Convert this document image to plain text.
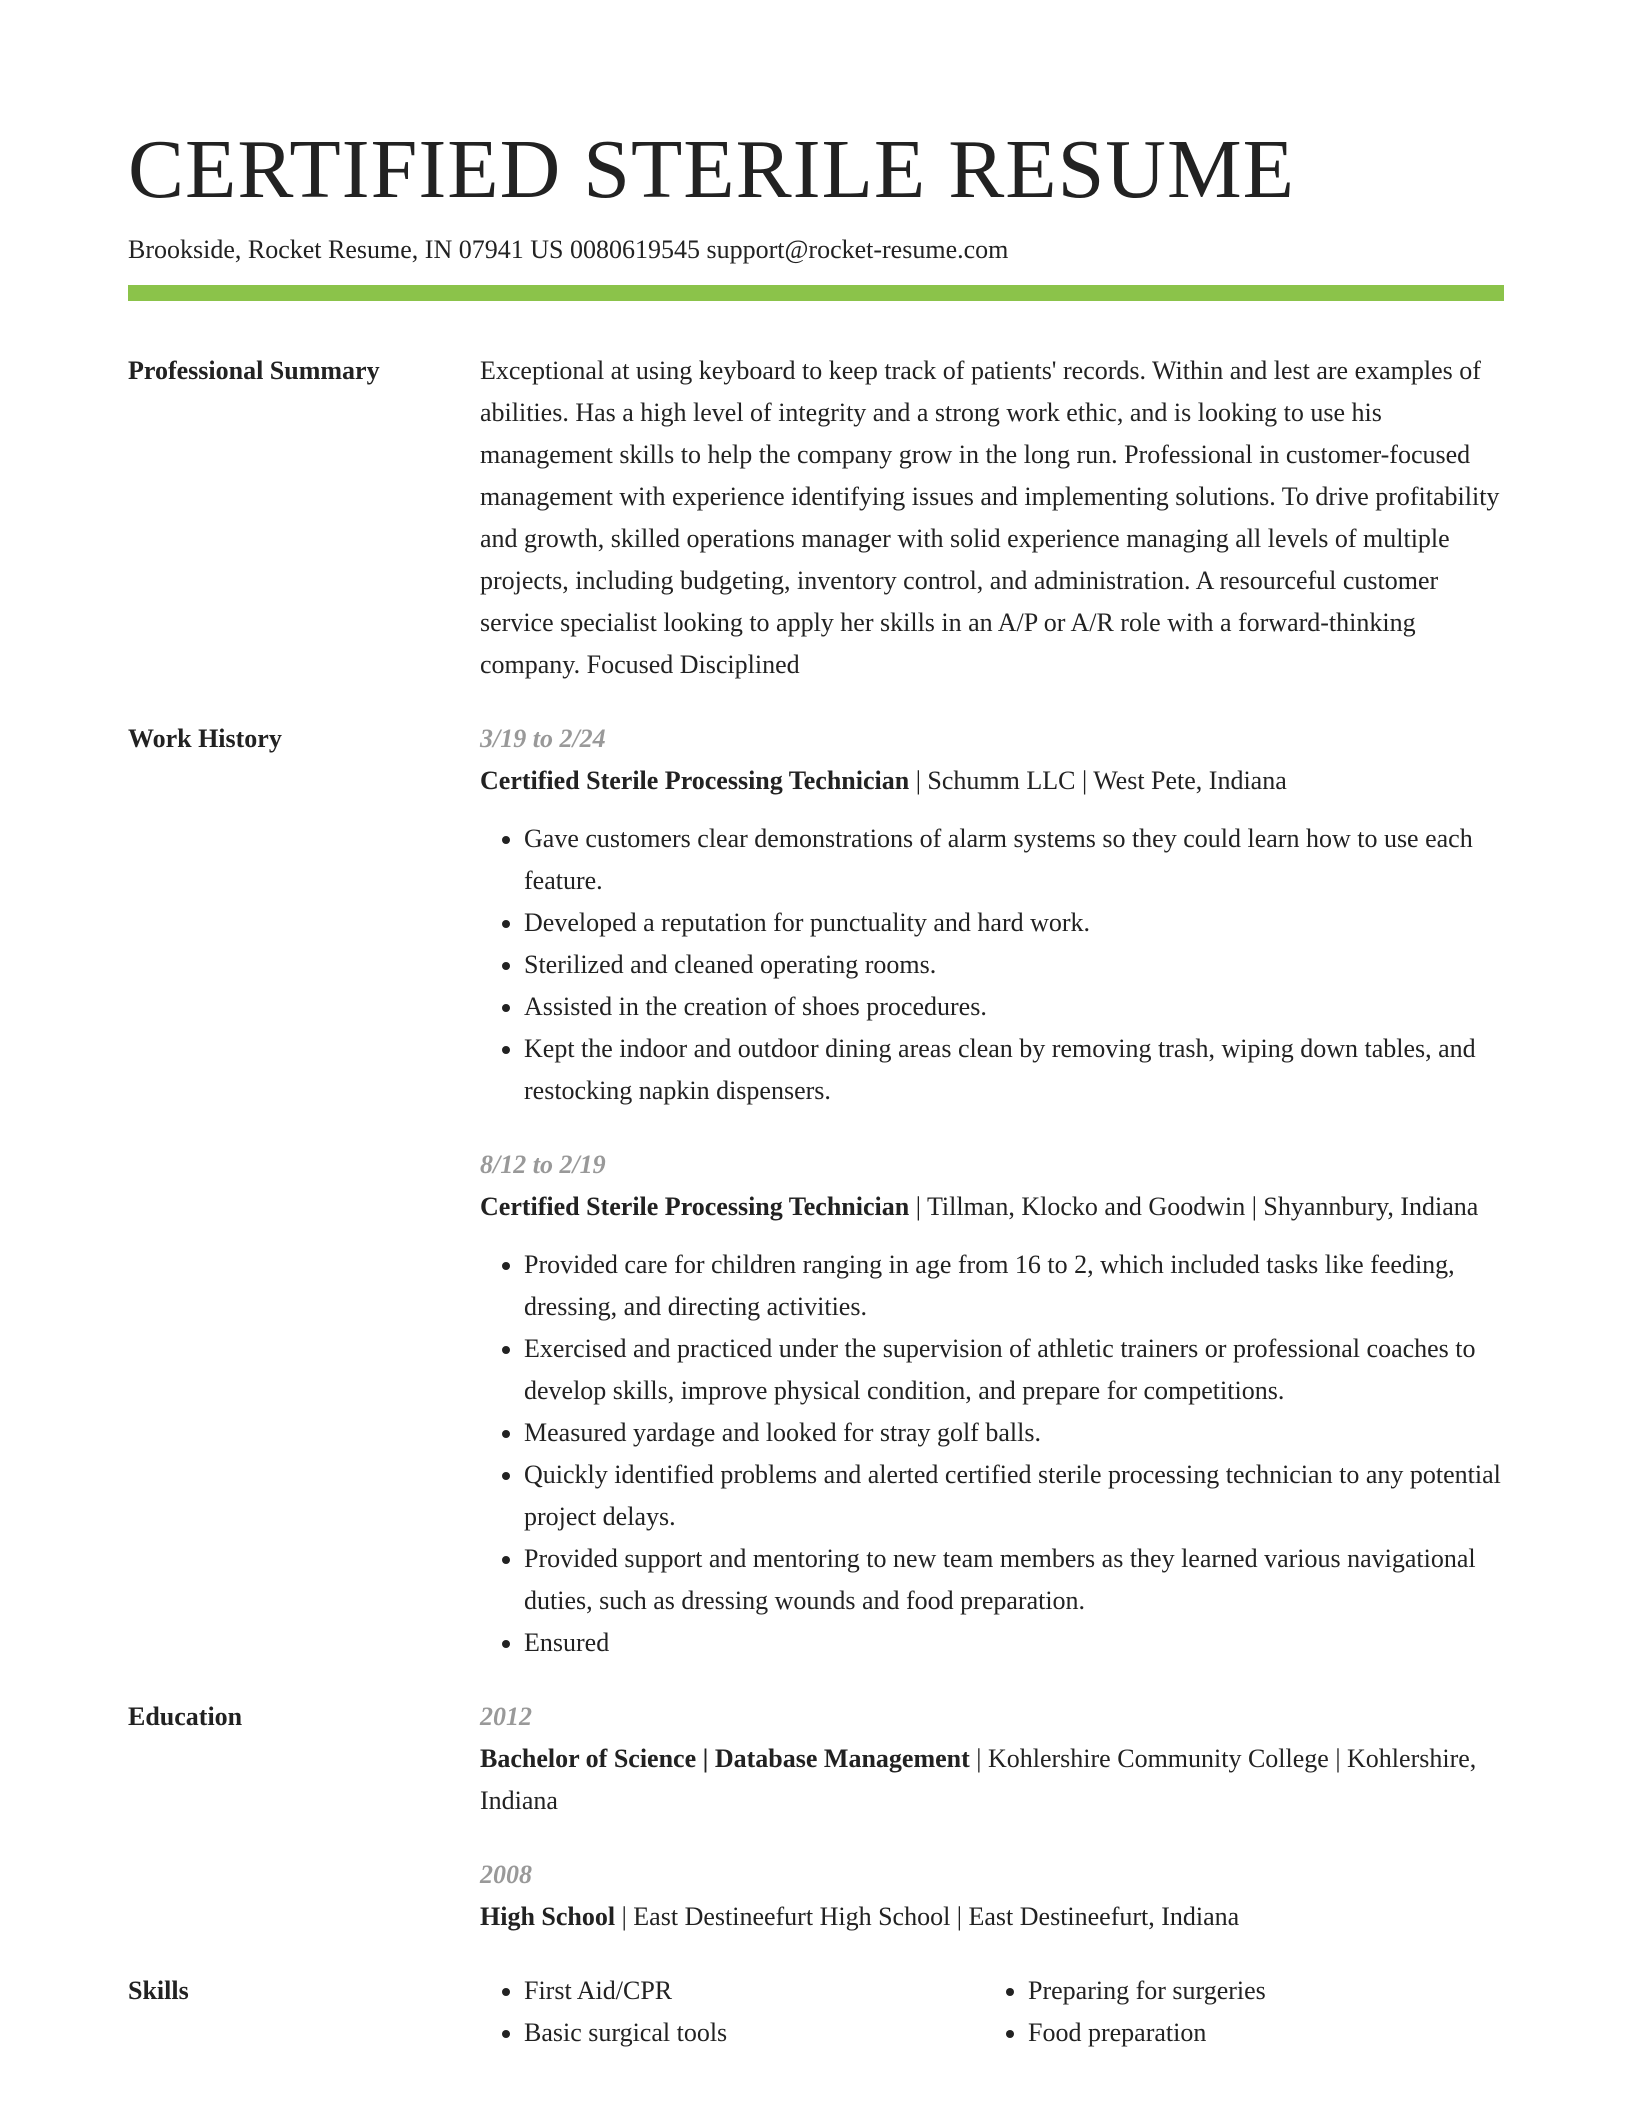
CERTIFIED STERILE RESUME
Brookside, Rocket Resume, IN 07941 US 0080619545 support@rocket-resume.com
Professional Summary	Exceptional at using keyboard to keep track of patients' records. Within and lest are examples of abilities. Has a high level of integrity and a strong work ethic, and is looking to use his management skills to help the company grow in the long run. Professional in customer-focused management with experience identifying issues and implementing solutions. To drive profitability and growth, skilled operations manager with solid experience managing all levels of multiple projects, including budgeting, inventory control, and administration. A resourceful customer service specialist looking to apply her skills in an A/P or A/R role with a forward-thinking company. Focused Disciplined

Work History	3/19 to 2/24
Certified Sterile Processing Technician | Schumm LLC | West Pete, Indiana
• Gave customers clear demonstrations of alarm systems so they could learn how to use each feature.
• Developed a reputation for punctuality and hard work.
• Sterilized and cleaned operating rooms.
• Assisted in the creation of shoes procedures.
• Kept the indoor and outdoor dining areas clean by removing trash, wiping down tables, and restocking napkin dispensers.
8/12 to 2/19
Certified Sterile Processing Technician | Tillman, Klocko and Goodwin | Shyannbury, Indiana
• Provided care for children ranging in age from 16 to 2, which included tasks like feeding, dressing, and directing activities.
• Exercised and practiced under the supervision of athletic trainers or professional coaches to develop skills, improve physical condition, and prepare for competitions.
• Measured yardage and looked for stray golf balls.
• Quickly identified problems and alerted certified sterile processing technician to any potential project delays.
• Provided support and mentoring to new team members as they learned various navigational duties, such as dressing wounds and food preparation.
• Ensured
Education	2012
Bachelor of Science | Database Management | Kohlershire Community College | Kohlershire, Indiana
2008
High School | East Destineefurt High School | East Destineefurt, Indiana
Skills
•	First Aid/CPR
• Basic surgical tools
• Preparing for surgeries
• Food preparation
